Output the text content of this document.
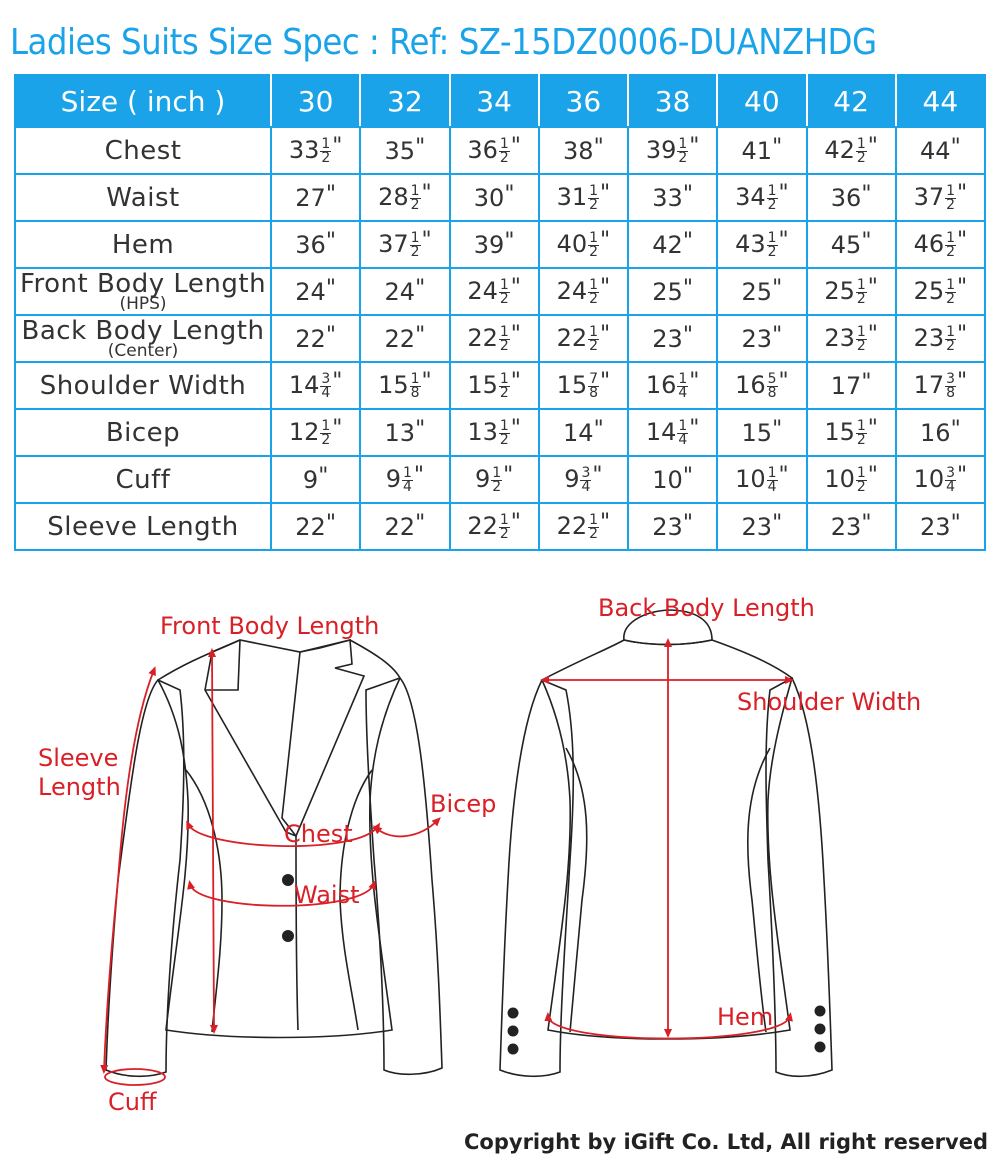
Ladies Suits Size Spec : Ref: SZ-15DZ0006-DUANZHDG
Size ( inch )	30	32	34	36	38	40	42	44
Chest	$33 \frac{1}{2}$ "	35"	$36 \frac{1}{2}$ "	38"	$39 \frac{1}{2}$ "	41"	$42 \frac{1}{2}$ "	44"
Waist	27"	$28 \frac{1}{2}$ "	30"	$31 \frac{1}{2}$ "	33"	$34 \frac{1}{2}$ "	36"	$37 \frac{1}{2}$ "
Hem	36"	$37 \frac{1}{2}$ "	39"	$40 \frac{1}{2}$ "	42"	$43 \frac{1}{2}$ "	45"	$46 \frac{1}{2}$ "
Front Body Length
(HPS)	24"	24"	$24 \frac{1}{2}$ "	$24 \frac{1}{2}$ "	25"	25"	$25 \frac{1}{2}$ "	$25 \frac{1}{2}$ "
Back Body Length
(Center)	22"	22"	$22 \frac{1}{2}$ "	$22 \frac{1}{2}$ "	23"	23"	$23 \frac{1}{2}$ "	$23 \frac{1}{2}$ "
Shoulder Width	$14 \frac{3}{4}$ "	$15 \frac{1}{8}$ "	$15 \frac{1}{2}$ "	$15 \frac{7}{8}$ "	$16 \frac{1}{4}$ "	$16 \frac{5}{8}$ "	17"	$17 \frac{3}{8}$ "
Bicep	$12 \frac{1}{2}$ "	13"	$13 \frac{1}{2}$ "	14"	$14 \frac{1}{4}$ "	15"	$15 \frac{1}{2}$ "	16"
Cuff	9"	$9 \frac{1}{4}$ "	$9 \frac{1}{2}$ "	$9 \frac{3}{4}$ "	10"	$10 \frac{1}{4}$ "	$10 \frac{1}{2}$ "	$10 \frac{3}{4}$ "
Sleeve Length	22"	22"	$22 \frac{1}{2}$ "	$22 \frac{1}{2}$ "	23"	23"	23"	23"
Front Body Length
Sleeve
Length
Bicep
Chest
Waist
Cuff
Back Body Length
Shoulder Width
Hem
Copyright by iGift Co. Ltd, All right reserved
